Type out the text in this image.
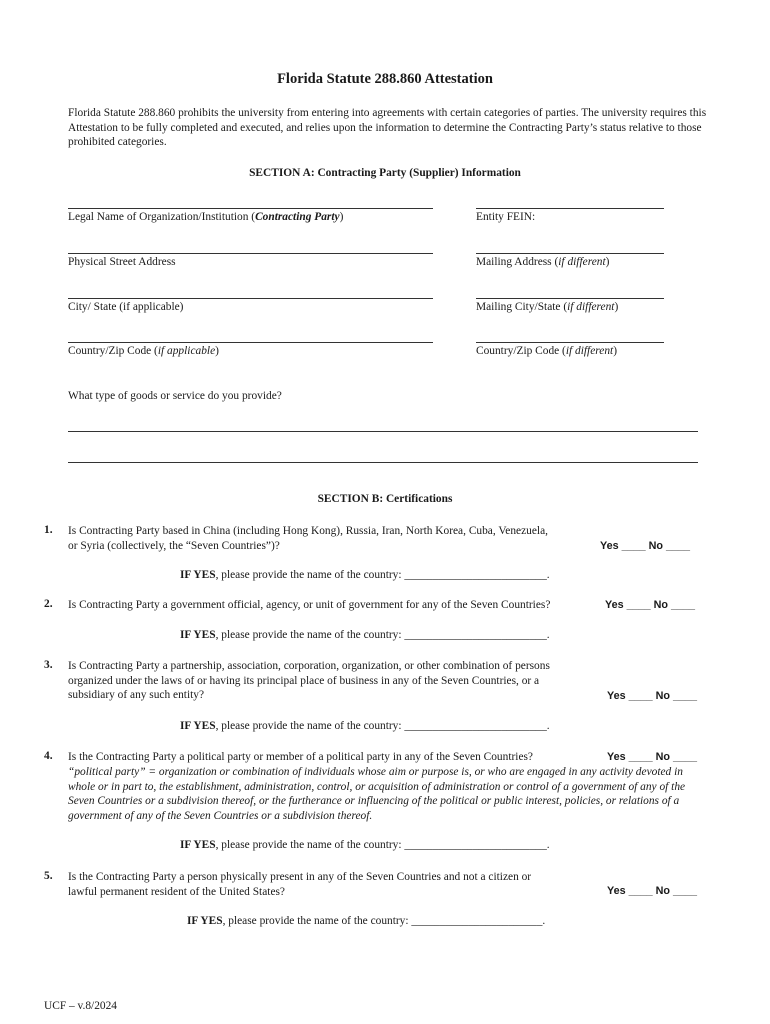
Florida Statute 288.860 Attestation
Florida Statute 288.860 prohibits the university from entering into agreements with certain categories of parties. The university requires this Attestation to be fully completed and executed, and relies upon the information to determine the Contracting Party’s status relative to those prohibited categories.
SECTION A: Contracting Party (Supplier) Information
Legal Name of Organization/Institution (Contracting Party)	Entity FEIN:
Physical Street Address	Mailing Address (if different)
City/ State (if applicable)	Mailing City/State (if different)
Country/Zip Code (if applicable)	Country/Zip Code (if different)
What type of goods or service do you provide?
SECTION B: Certifications
1. Is Contracting Party based in China (including Hong Kong), Russia, Iran, North Korea, Cuba, Venezuela,
or Syria (collectively, the “Seven Countries”)?	Yes ____ No ____
IF YES, please provide the name of the country: _________________________.
2. Is Contracting Party a government official, agency, or unit of government for any of the Seven Countries?	Yes ____ No ____
IF YES, please provide the name of the country: _________________________.
3. Is Contracting Party a partnership, association, corporation, organization, or other combination of persons
organized under the laws of or having its principal place of business in any of the Seven Countries, or a
subsidiary of any such entity?	Yes ____ No ____
IF YES, please provide the name of the country: _________________________.
4. Is the Contracting Party a political party or member of a political party in any of the Seven Countries?	Yes ____ No ____
“political party” = organization or combination of individuals whose aim or purpose is, or who are engaged in any activity devoted in whole or in part to, the establishment, administration, control, or acquisition of administration or control of a government of any of the Seven Countries or a subdivision thereof, or the furtherance or influencing of the political or public interest, policies, or relations of a government of any of the Seven Countries or a subdivision thereof.
IF YES, please provide the name of the country: _________________________.
5. Is the Contracting Party a person physically present in any of the Seven Countries and not a citizen or
lawful permanent resident of the United States?	Yes ____ No ____
IF YES, please provide the name of the country: _______________________.
UCF – v.8/2024
